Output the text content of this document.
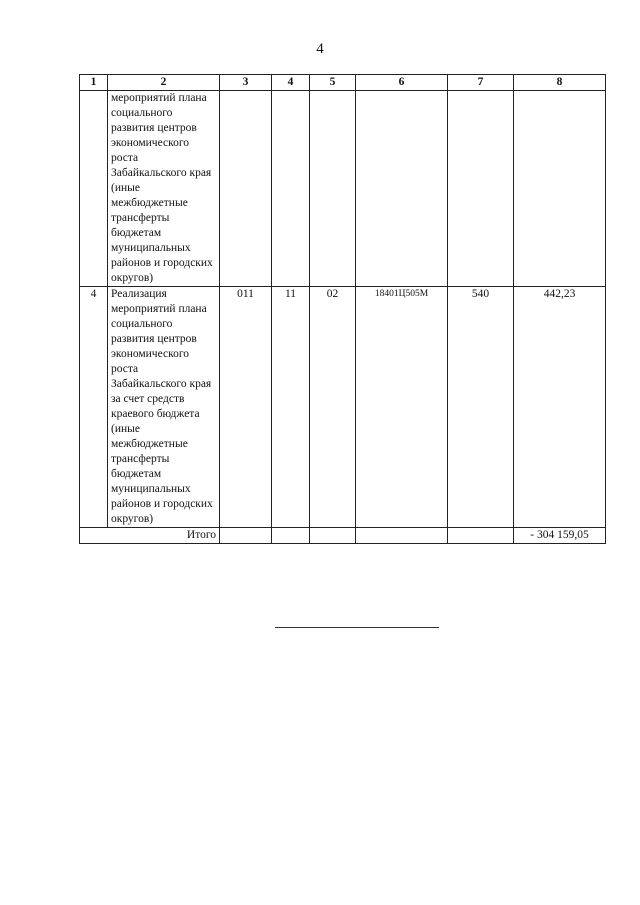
4
1	2	3	4	5	6	7	8
	мероприятий плана социального развития центров экономического роста Забайкальского края (иные межбюджетные трансферты бюджетам муниципальных районов и городских округов)						
4	Реализация мероприятий плана социального развития центров экономического роста Забайкальского края за счет средств краевого бюджета (иные межбюджетные трансферты бюджетам муниципальных районов и городских округов)	011	11	02	18401Ц505М	540	442,23
Итого							- 304 159,05
